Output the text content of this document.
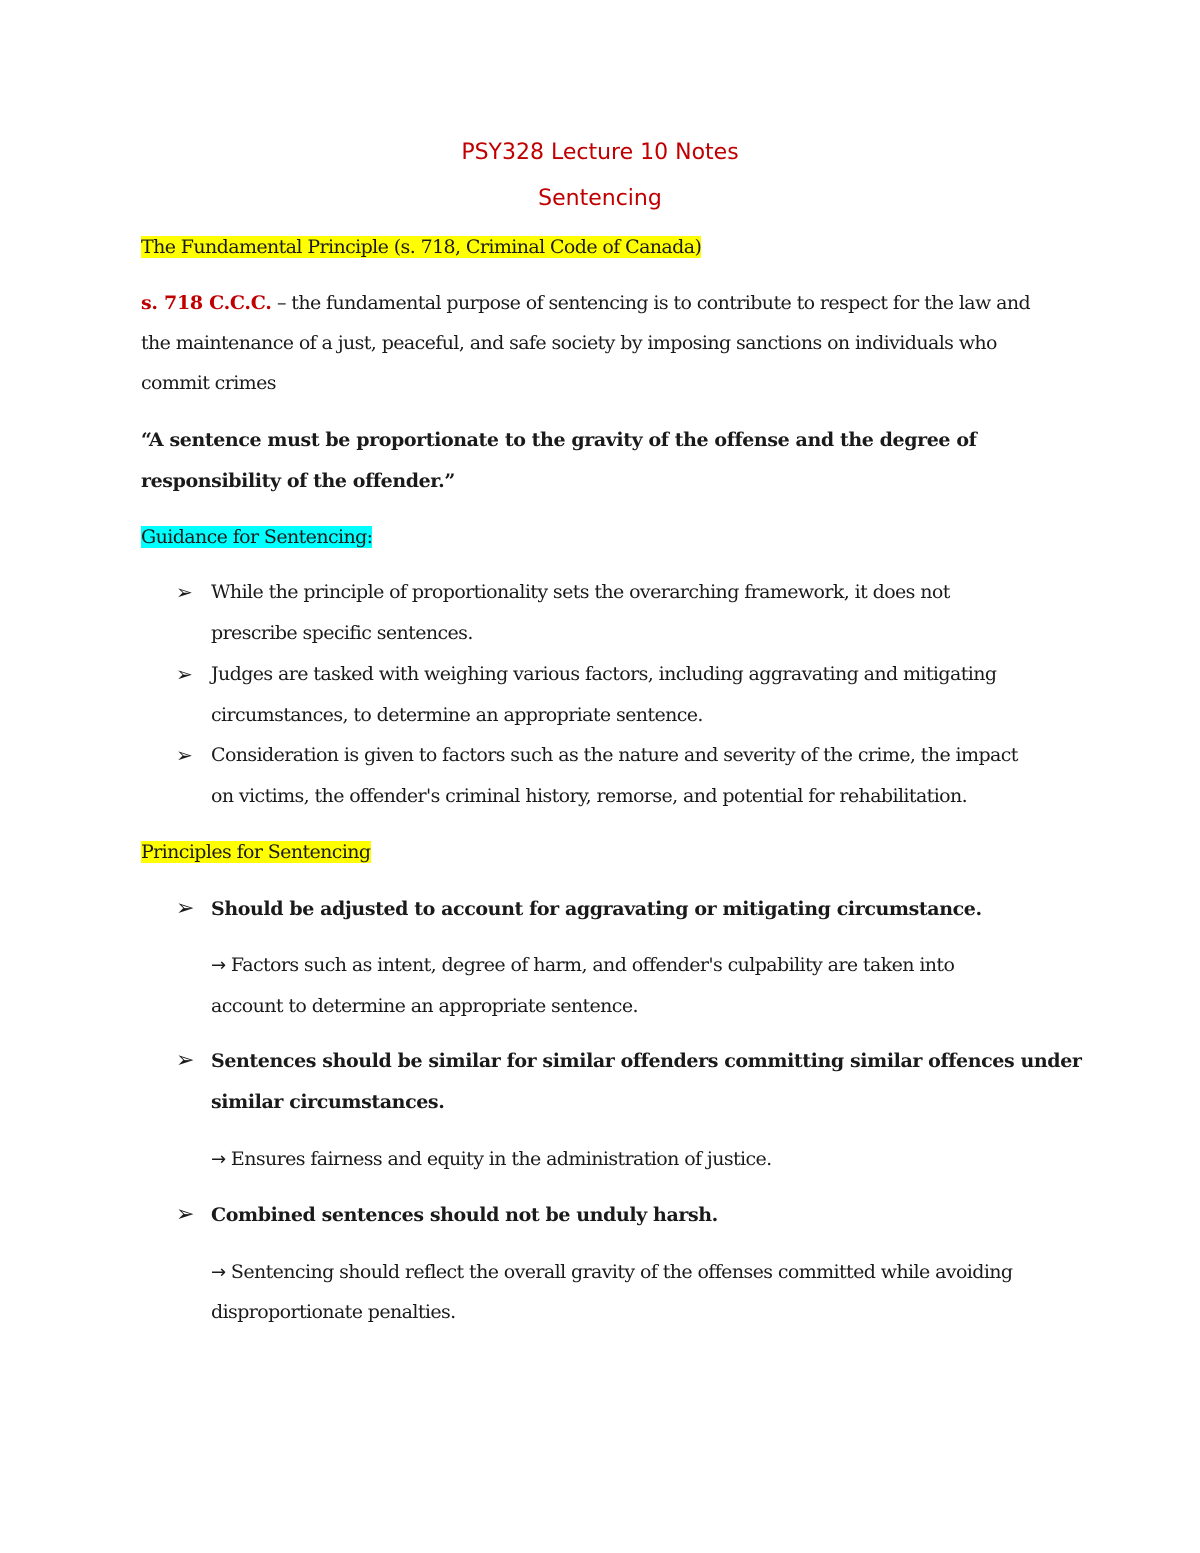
PSY328 Lecture 10 Notes
Sentencing
The Fundamental Principle (s. 718, Criminal Code of Canada)
s. 718 C.C.C. – the fundamental purpose of sentencing is to contribute to respect for the law and
the maintenance of a just, peaceful, and safe society by imposing sanctions on individuals who
commit crimes
“A sentence must be proportionate to the gravity of the offense and the degree of
responsibility of the offender.”
Guidance for Sentencing:
➢ While the principle of proportionality sets the overarching framework, it does not
prescribe specific sentences.
➢ Judges are tasked with weighing various factors, including aggravating and mitigating
circumstances, to determine an appropriate sentence.
➢ Consideration is given to factors such as the nature and severity of the crime, the impact
on victims, the offender's criminal history, remorse, and potential for rehabilitation.
Principles for Sentencing
➢ Should be adjusted to account for aggravating or mitigating circumstance.
→ Factors such as intent, degree of harm, and offender's culpability are taken into
account to determine an appropriate sentence.
➢ Sentences should be similar for similar offenders committing similar offences under
similar circumstances.
→ Ensures fairness and equity in the administration of justice.
➢ Combined sentences should not be unduly harsh.
→ Sentencing should reflect the overall gravity of the offenses committed while avoiding
disproportionate penalties.
